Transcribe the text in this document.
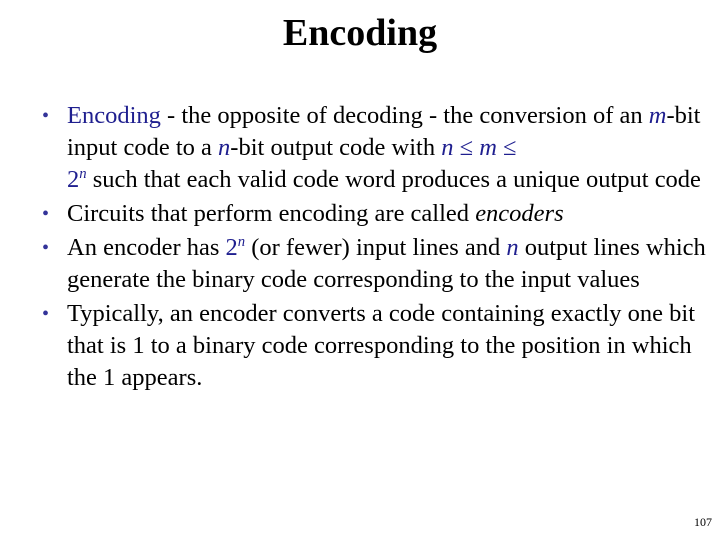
Encoding
• Encoding - the opposite of decoding - the conversion of an m-bit input code to a n-bit output code with n ≤ m ≤
$2^n$ such that each valid code word produces a unique output code
• Circuits that perform encoding are called encoders
• An encoder has 2$^n$ (or fewer) input lines and n output lines which generate the binary code corresponding to the input values
• Typically, an encoder converts a code containing exactly one bit that is 1 to a binary code corresponding to the position in which the 1 appears.
107
